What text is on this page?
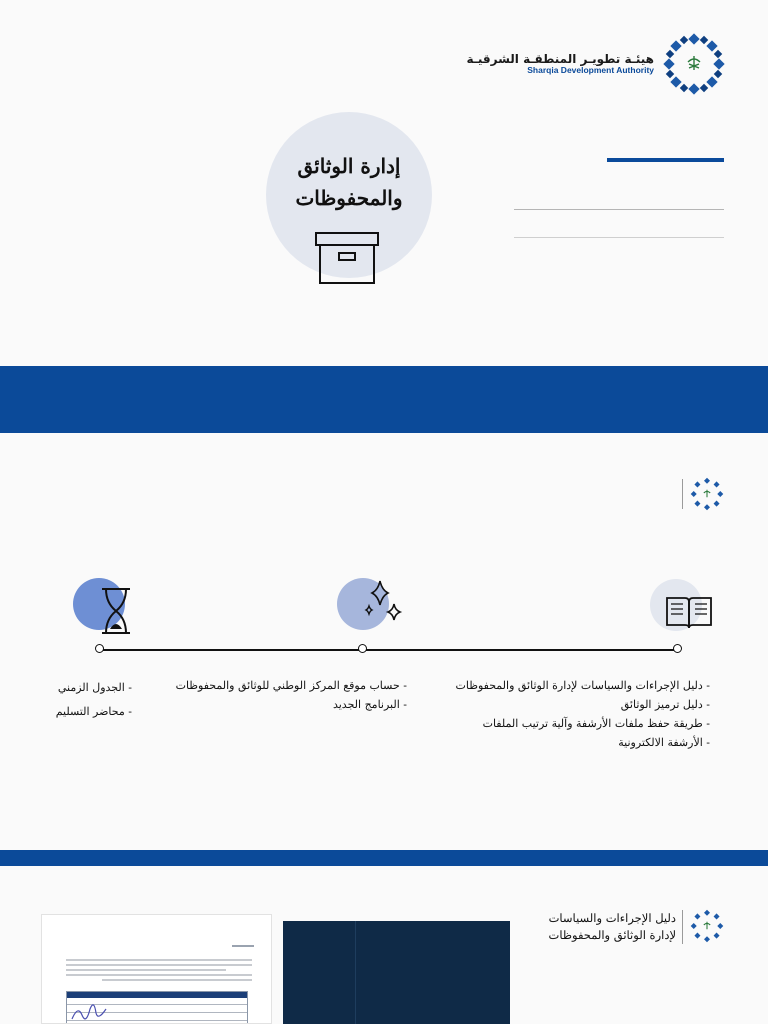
هيئـة تطويـر المنطقـة الشرقيـة
Sharqia Development Authority
إدارة الوثائق
والمحفوظات
- دليل الإجراءات والسياسات لإدارة الوثائق والمحفوظات
- دليل ترميز الوثائق
- طريقة حفظ ملفات الأرشفة وآلية ترتيب الملفات
- الأرشفة الالكترونية
- حساب موقع المركز الوطني للوثائق والمحفوظات
- البرنامج الجديد
- الجدول الزمني
- محاضر التسليم
دليل الإجراءات والسياسات
لإدارة الوثائق والمحفوظات
